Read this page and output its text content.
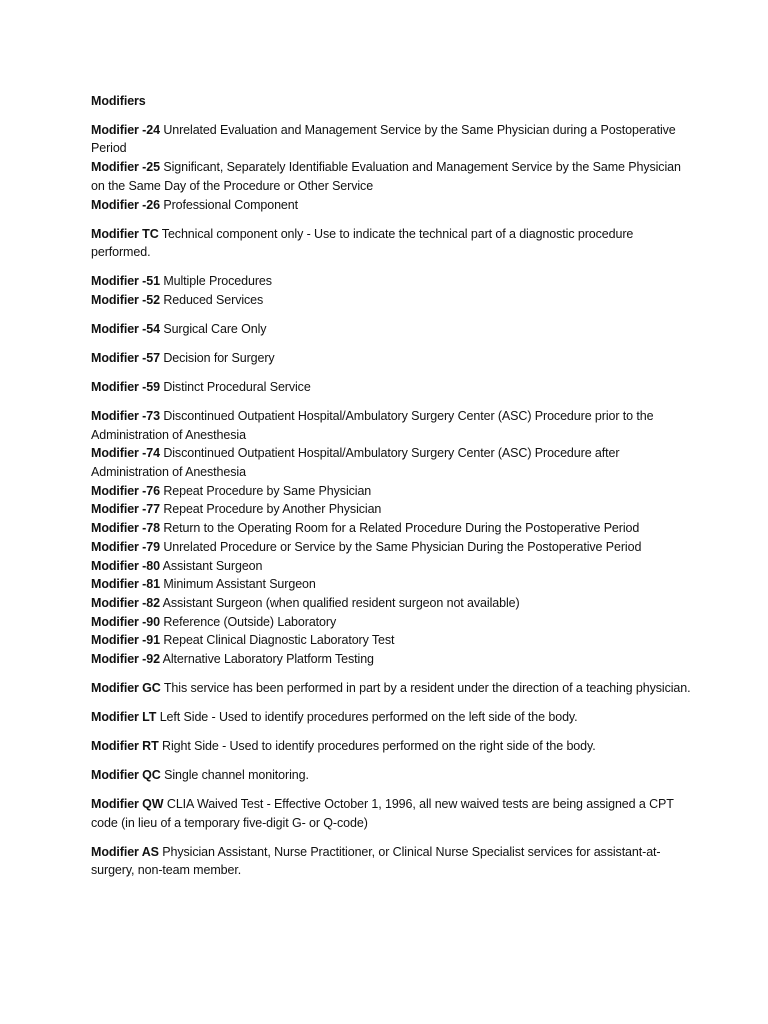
Modifiers

Modifier -24 Unrelated Evaluation and Management Service by the Same Physician during a Postoperative Period

Modifier -25 Significant, Separately Identifiable Evaluation and Management Service by the Same Physician on the Same Day of the Procedure or Other Service

Modifier -26 Professional Component

Modifier TC Technical component only - Use to indicate the technical part of a diagnostic procedure performed.

Modifier -51 Multiple Procedures

Modifier -52 Reduced Services

Modifier -54 Surgical Care Only

Modifier -57 Decision for Surgery

Modifier -59 Distinct Procedural Service

Modifier -73 Discontinued Outpatient Hospital/Ambulatory Surgery Center (ASC) Procedure prior to the Administration of Anesthesia

Modifier -74 Discontinued Outpatient Hospital/Ambulatory Surgery Center (ASC) Procedure after Administration of Anesthesia

Modifier -76 Repeat Procedure by Same Physician

Modifier -77 Repeat Procedure by Another Physician

Modifier -78 Return to the Operating Room for a Related Procedure During the Postoperative Period

Modifier -79 Unrelated Procedure or Service by the Same Physician During the Postoperative Period

Modifier -80 Assistant Surgeon

Modifier -81 Minimum Assistant Surgeon

Modifier -82 Assistant Surgeon (when qualified resident surgeon not available)

Modifier -90 Reference (Outside) Laboratory

Modifier -91 Repeat Clinical Diagnostic Laboratory Test

Modifier -92 Alternative Laboratory Platform Testing

Modifier GC This service has been performed in part by a resident under the direction of a teaching physician.

Modifier LT Left Side - Used to identify procedures performed on the left side of the body.

Modifier RT Right Side - Used to identify procedures performed on the right side of the body.

Modifier QC Single channel monitoring.

Modifier QW CLIA Waived Test - Effective October 1, 1996, all new waived tests are being assigned a CPT code (in lieu of a temporary five-digit G- or Q-code)

Modifier AS Physician Assistant, Nurse Practitioner, or Clinical Nurse Specialist services for assistant-at-surgery, non-team member.
